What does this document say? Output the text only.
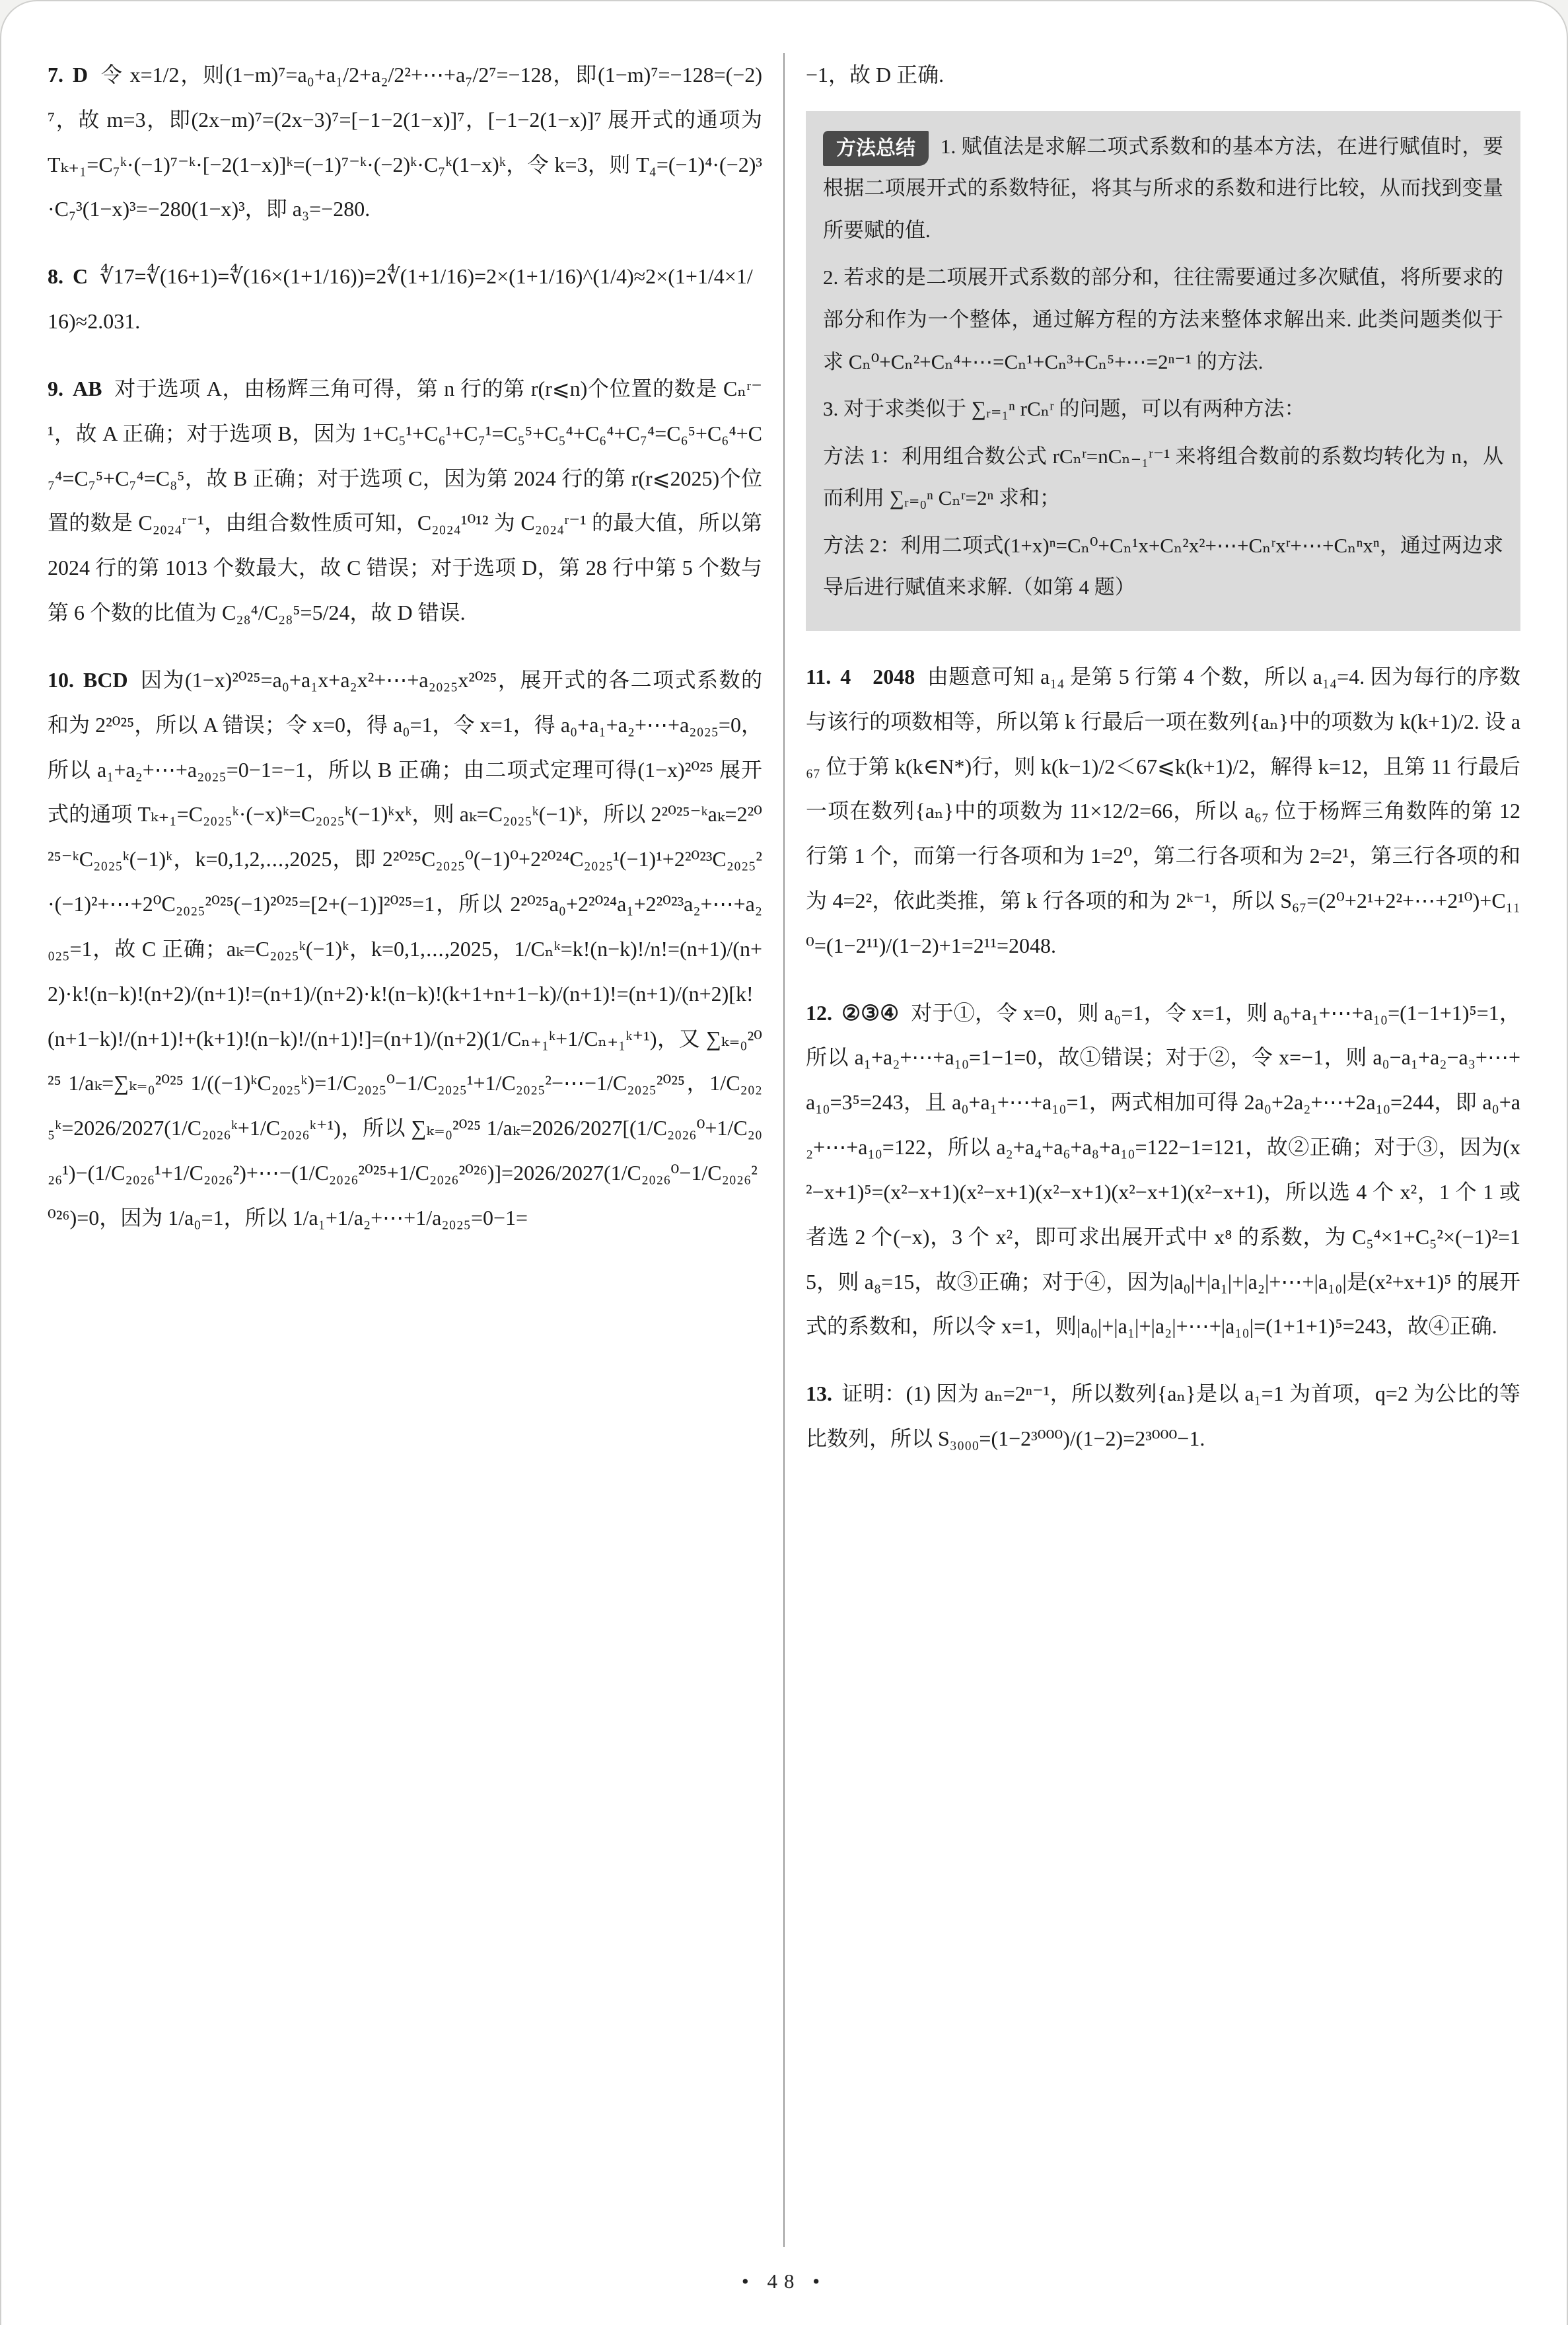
7. D 令 x=1/2，则(1−m)⁷=a₀+a₁/2+a₂/2²+⋯+a₇/2⁷=−128，即(1−m)⁷=−128=(−2)⁷，故 m=3，即(2x−m)⁷=(2x−3)⁷=[−1−2(1−x)]⁷，[−1−2(1−x)]⁷ 展开式的通项为 Tₖ₊₁=C₇ᵏ·(−1)⁷⁻ᵏ·[−2(1−x)]ᵏ=(−1)⁷⁻ᵏ·(−2)ᵏ·C₇ᵏ(1−x)ᵏ，令 k=3，则 T₄=(−1)⁴·(−2)³·C₇³(1−x)³=−280(1−x)³，即 a₃=−280.

8. C ∜17=∜(16+1)=∜(16×(1+1/16))=2∜(1+1/16)=2×(1+1/16)^(1/4)≈2×(1+1/4×1/16)≈2.031.

9. AB 对于选项 A，由杨辉三角可得，第 n 行的第 r(r⩽n)个位置的数是 Cₙʳ⁻¹，故 A 正确；对于选项 B，因为 1+C₅¹+C₆¹+C₇¹=C₅⁵+C₅⁴+C₆⁴+C₇⁴=C₆⁵+C₆⁴+C₇⁴=C₇⁵+C₇⁴=C₈⁵，故 B 正确；对于选项 C，因为第 2024 行的第 r(r⩽2025)个位置的数是 C₂₀₂₄ʳ⁻¹，由组合数性质可知，C₂₀₂₄¹⁰¹² 为 C₂₀₂₄ʳ⁻¹ 的最大值，所以第 2024 行的第 1013 个数最大，故 C 错误；对于选项 D，第 28 行中第 5 个数与第 6 个数的比值为 C₂₈⁴/C₂₈⁵=5/24，故 D 错误.

10. BCD 因为(1−x)²⁰²⁵=a₀+a₁x+a₂x²+⋯+a₂₀₂₅x²⁰²⁵，展开式的各二项式系数的和为 2²⁰²⁵，所以 A 错误；令 x=0，得 a₀=1，令 x=1，得 a₀+a₁+a₂+⋯+a₂₀₂₅=0，所以 a₁+a₂+⋯+a₂₀₂₅=0−1=−1，所以 B 正确；由二项式定理可得(1−x)²⁰²⁵ 展开式的通项 Tₖ₊₁=C₂₀₂₅ᵏ·(−x)ᵏ=C₂₀₂₅ᵏ(−1)ᵏxᵏ，则 aₖ=C₂₀₂₅ᵏ(−1)ᵏ，所以 2²⁰²⁵⁻ᵏaₖ=2²⁰²⁵⁻ᵏC₂₀₂₅ᵏ(−1)ᵏ，k=0,1,2,⋯,2025，即 2²⁰²⁵C₂₀₂₅⁰(−1)⁰+2²⁰²⁴C₂₀₂₅¹(−1)¹+2²⁰²³C₂₀₂₅²·(−1)²+⋯+2⁰C₂₀₂₅²⁰²⁵(−1)²⁰²⁵=[2+(−1)]²⁰²⁵=1，所以 2²⁰²⁵a₀+2²⁰²⁴a₁+2²⁰²³a₂+⋯+a₂₀₂₅=1，故 C 正确；aₖ=C₂₀₂₅ᵏ(−1)ᵏ，k=0,1,⋯,2025，1/Cₙᵏ=k!(n−k)!/n!=(n+1)/(n+2)·k!(n−k)!(n+2)/(n+1)!=(n+1)/(n+2)·k!(n−k)!(k+1+n+1−k)/(n+1)!=(n+1)/(n+2)[k!(n+1−k)!/(n+1)!+(k+1)!(n−k)!/(n+1)!]=(n+1)/(n+2)(1/Cₙ₊₁ᵏ+1/Cₙ₊₁ᵏ⁺¹)，又 ∑ₖ₌₀²⁰²⁵ 1/aₖ=∑ₖ₌₀²⁰²⁵ 1/((−1)ᵏC₂₀₂₅ᵏ)=1/C₂₀₂₅⁰−1/C₂₀₂₅¹+1/C₂₀₂₅²−⋯−1/C₂₀₂₅²⁰²⁵，1/C₂₀₂₅ᵏ=2026/2027(1/C₂₀₂₆ᵏ+1/C₂₀₂₆ᵏ⁺¹)，所以 ∑ₖ₌₀²⁰²⁵ 1/aₖ=2026/2027[(1/C₂₀₂₆⁰+1/C₂₀₂₆¹)−(1/C₂₀₂₆¹+1/C₂₀₂₆²)+⋯−(1/C₂₀₂₆²⁰²⁵+1/C₂₀₂₆²⁰²⁶)]=2026/2027(1/C₂₀₂₆⁰−1/C₂₀₂₆²⁰²⁶)=0，因为 1/a₀=1，所以 1/a₁+1/a₂+⋯+1/a₂₀₂₅=0−1=

−1，故 D 正确.

方法总结 1. 赋值法是求解二项式系数和的基本方法，在进行赋值时，要根据二项展开式的系数特征，将其与所求的系数和进行比较，从而找到变量所要赋的值.

2. 若求的是二项展开式系数的部分和，往往需要通过多次赋值，将所要求的部分和作为一个整体，通过解方程的方法来整体求解出来. 此类问题类似于求 Cₙ⁰+Cₙ²+Cₙ⁴+⋯=Cₙ¹+Cₙ³+Cₙ⁵+⋯=2ⁿ⁻¹ 的方法.

3. 对于求类似于 ∑ᵣ₌₁ⁿ rCₙʳ 的问题，可以有两种方法：

方法 1：利用组合数公式 rCₙʳ=nCₙ₋₁ʳ⁻¹ 来将组合数前的系数均转化为 n，从而利用 ∑ᵣ₌₀ⁿ Cₙʳ=2ⁿ 求和；

方法 2：利用二项式(1+x)ⁿ=Cₙ⁰+Cₙ¹x+Cₙ²x²+⋯+Cₙʳxʳ+⋯+Cₙⁿxⁿ，通过两边求导后进行赋值来求解.（如第 4 题）

11. 4　2048 由题意可知 a₁₄ 是第 5 行第 4 个数，所以 a₁₄=4. 因为每行的序数与该行的项数相等，所以第 k 行最后一项在数列{aₙ}中的项数为 k(k+1)/2. 设 a₆₇ 位于第 k(k∈N*)行，则 k(k−1)/2＜67⩽k(k+1)/2，解得 k=12，且第 11 行最后一项在数列{aₙ}中的项数为 11×12/2=66，所以 a₆₇ 位于杨辉三角数阵的第 12 行第 1 个，而第一行各项和为 1=2⁰，第二行各项和为 2=2¹，第三行各项的和为 4=2²，依此类推，第 k 行各项的和为 2ᵏ⁻¹，所以 S₆₇=(2⁰+2¹+2²+⋯+2¹⁰)+C₁₁⁰=(1−2¹¹)/(1−2)+1=2¹¹=2048.

12. ②③④ 对于①，令 x=0，则 a₀=1，令 x=1，则 a₀+a₁+⋯+a₁₀=(1−1+1)⁵=1，所以 a₁+a₂+⋯+a₁₀=1−1=0，故①错误；对于②，令 x=−1，则 a₀−a₁+a₂−a₃+⋯+a₁₀=3⁵=243，且 a₀+a₁+⋯+a₁₀=1，两式相加可得 2a₀+2a₂+⋯+2a₁₀=244，即 a₀+a₂+⋯+a₁₀=122，所以 a₂+a₄+a₆+a₈+a₁₀=122−1=121，故②正确；对于③，因为(x²−x+1)⁵=(x²−x+1)(x²−x+1)(x²−x+1)(x²−x+1)(x²−x+1)，所以选 4 个 x²，1 个 1 或者选 2 个(−x)，3 个 x²，即可求出展开式中 x⁸ 的系数，为 C₅⁴×1+C₅²×(−1)²=15，则 a₈=15，故③正确；对于④，因为|a₀|+|a₁|+|a₂|+⋯+|a₁₀|是(x²+x+1)⁵ 的展开式的系数和，所以令 x=1，则|a₀|+|a₁|+|a₂|+⋯+|a₁₀|=(1+1+1)⁵=243，故④正确.

13. 证明：(1) 因为 aₙ=2ⁿ⁻¹，所以数列{aₙ}是以 a₁=1 为首项，q=2 为公比的等比数列，所以 S₃₀₀₀=(1−2³⁰⁰⁰)/(1−2)=2³⁰⁰⁰−1.

• 48 •
